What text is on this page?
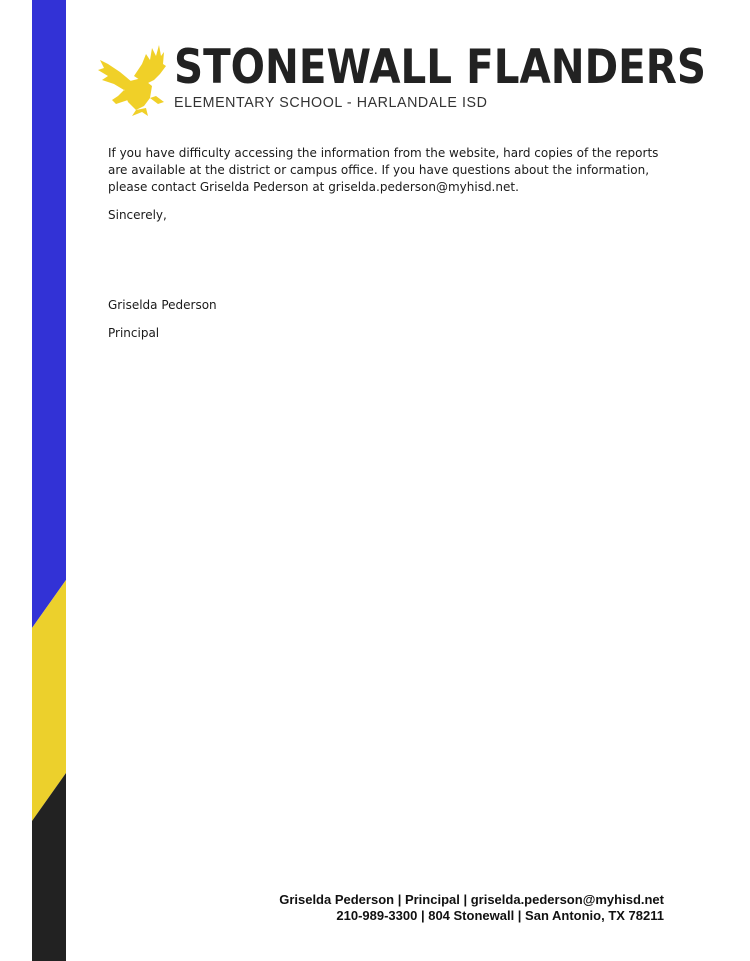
STONEWALL FLANDERS
ELEMENTARY SCHOOL - HARLANDALE ISD

If you have difficulty accessing the information from the website, hard copies of the reports are available at the district or campus office. If you have questions about the information, please contact Griselda Pederson at griselda.pederson@myhisd.net.

Sincerely,

Griselda Pederson

Principal

Griselda Pederson | Principal | griselda.pederson@myhisd.net
210-989-3300 | 804 Stonewall | San Antonio, TX 78211
